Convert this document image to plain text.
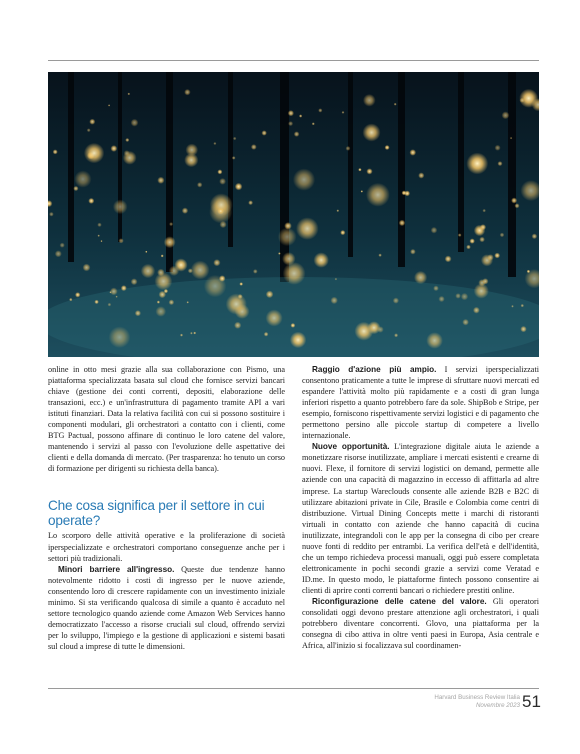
online in otto mesi grazie alla sua collaborazione con Pismo, una piattaforma specializzata basata sul cloud che fornisce servizi bancari chiave (gestione dei conti correnti, depositi, elaborazione delle transazioni, ecc.) e un'infrastruttura di pagamento tramite API a vari istituti finanziari. Data la relativa facilità con cui si possono sostituire i componenti modulari, gli orchestratori a contatto con i clienti, come BTG Pactual, possono affinare di continuo le loro catene del valore, mantenendo i servizi al passo con l'evoluzione delle aspettative dei clienti e della domanda di mercato. (Per trasparenza: ho tenuto un corso di formazione per dirigenti su richiesta della banca).

Che cosa significa per il settore in cui operate?

Lo scorporo delle attività operative e la proliferazione di società iperspecializzate e orchestratori comportano conseguenze anche per i settori più tradizionali.

Minori barriere all'ingresso. Queste due tendenze hanno notevolmente ridotto i costi di ingresso per le nuove aziende, consentendo loro di crescere rapidamente con un investimento iniziale minimo. Si sta verificando qualcosa di simile a quanto è accaduto nel settore tecnologico quando aziende come Amazon Web Services hanno democratizzato l'accesso a risorse cruciali sul cloud, offrendo servizi per lo sviluppo, l'impiego e la gestione di applicazioni e sistemi basati sul cloud a imprese di tutte le dimensioni.

Raggio d'azione più ampio. I servizi iperspecializzati consentono praticamente a tutte le imprese di sfruttare nuovi mercati ed espandere l'attività molto più rapidamente e a costi di gran lunga inferiori rispetto a quanto potrebbero fare da sole. ShipBob e Stripe, per esempio, forniscono rispettivamente servizi logistici e di pagamento che permettono persino alle piccole startup di competere a livello internazionale.

Nuove opportunità. L'integrazione digitale aiuta le aziende a monetizzare risorse inutilizzate, ampliare i mercati esistenti e crearne di nuovi. Flexe, il fornitore di servizi logistici on demand, permette alle aziende con una capacità di magazzino in eccesso di affittarla ad altre imprese. La startup Wareclouds consente alle aziende B2B e B2C di utilizzare abitazioni private in Cile, Brasile e Colombia come centri di distribuzione. Virtual Dining Concepts mette i marchi di ristoranti virtuali in contatto con aziende che hanno capacità di cucina inutilizzate, integrandoli con le app per la consegna di cibo per creare nuove fonti di reddito per entrambi. La verifica dell'età e dell'identità, che un tempo richiedeva processi manuali, oggi può essere completata elettronicamente in pochi secondi grazie a servizi come Veratad e ID.me. In questo modo, le piattaforme fintech possono consentire ai clienti di aprire conti correnti bancari o richiedere prestiti online.

Riconfigurazione delle catene del valore. Gli operatori consolidati oggi devono prestare attenzione agli orchestratori, i quali potrebbero diventare concorrenti. Glovo, una piattaforma per la consegna di cibo attiva in oltre venti paesi in Europa, Asia centrale e Africa, all'inizio si focalizzava sul coordinamen-

Harvard Business Review Italia
Novembre 2023 51
